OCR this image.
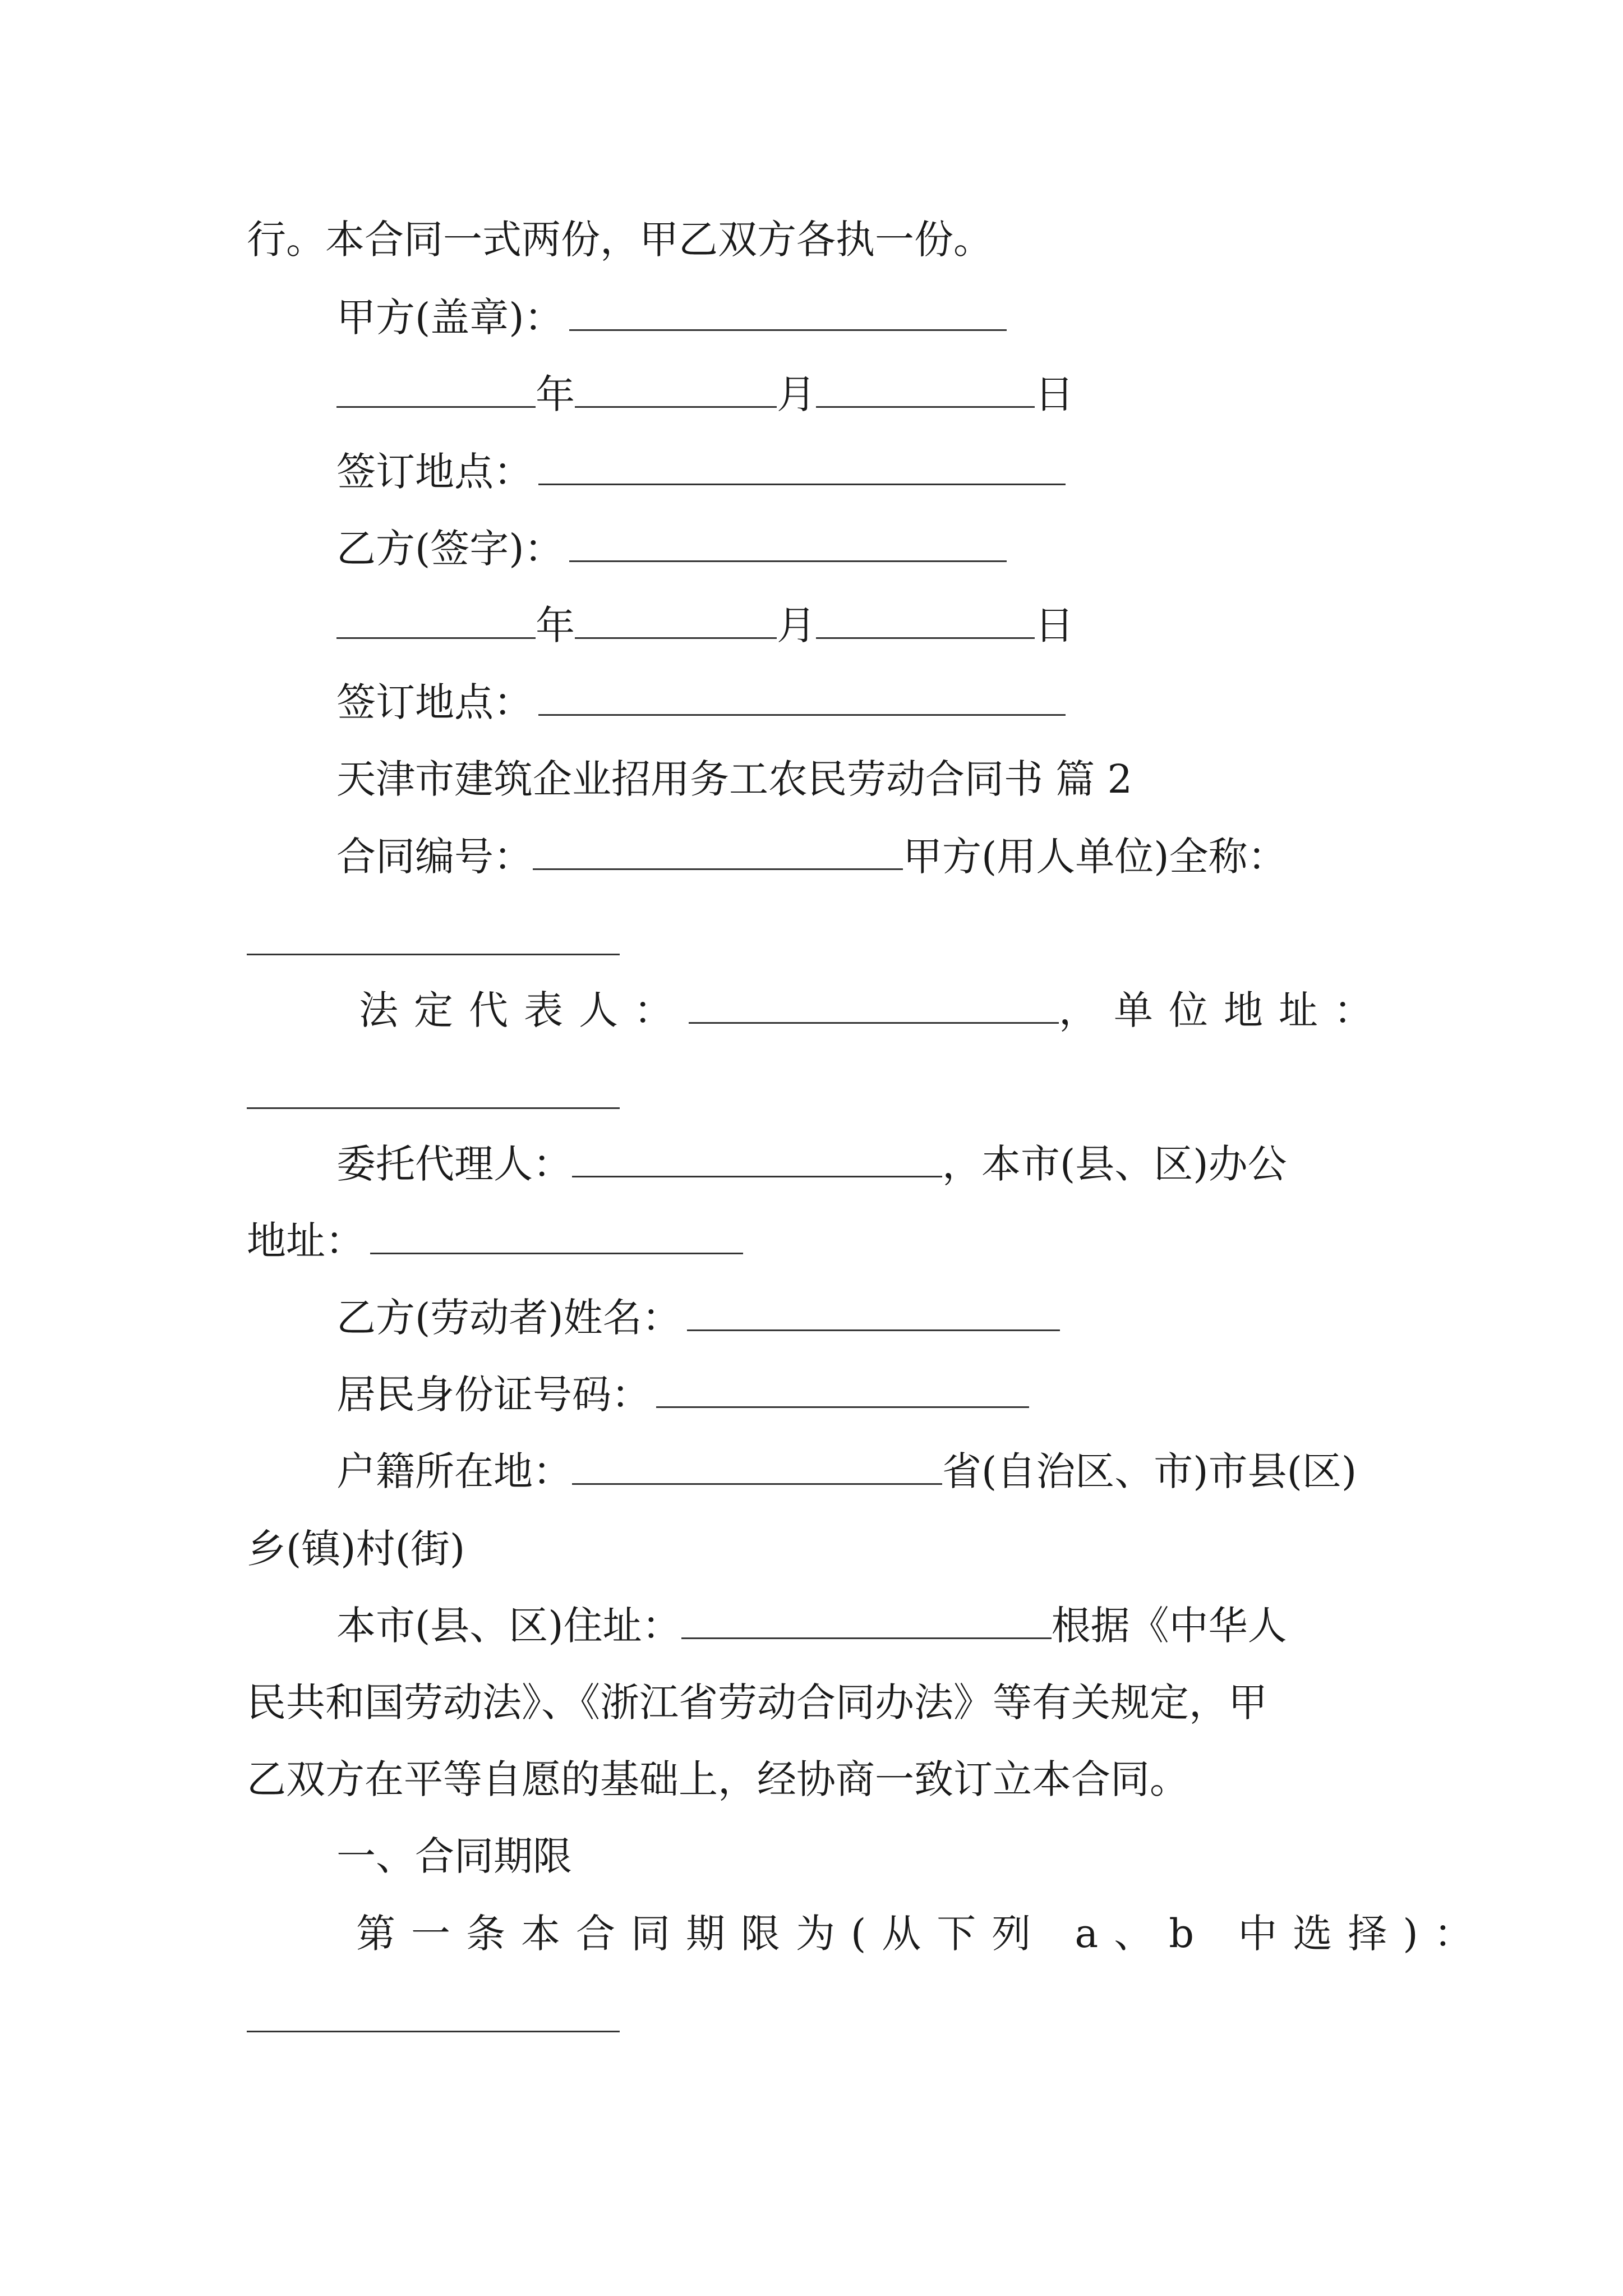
行。本合同一式两份，甲乙双方各执一份。
甲方(盖章)：
年	月	日
签订地点：
乙方(签字)：
年	月	日
签订地点：
天津市建筑企业招用务工农民劳动合同书 篇 2
合同编号：	甲方(用人单位)全称：
法定代表人：	，单位地址：
委托代理人：	，本市(县、区)办公
地址：
乙方(劳动者)姓名：
居民身份证号码：
户籍所在地：	省(自治区、市)市县(区)
乡(镇)村(街)
本市(县、区)住址：	根据《中华人
民共和国劳动法》、《浙江省劳动合同办法》等有关规定，甲
乙双方在平等自愿的基础上，经协商一致订立本合同。
一、合同期限
第一条本合同期限为(从下列 a、b 中选择)：
